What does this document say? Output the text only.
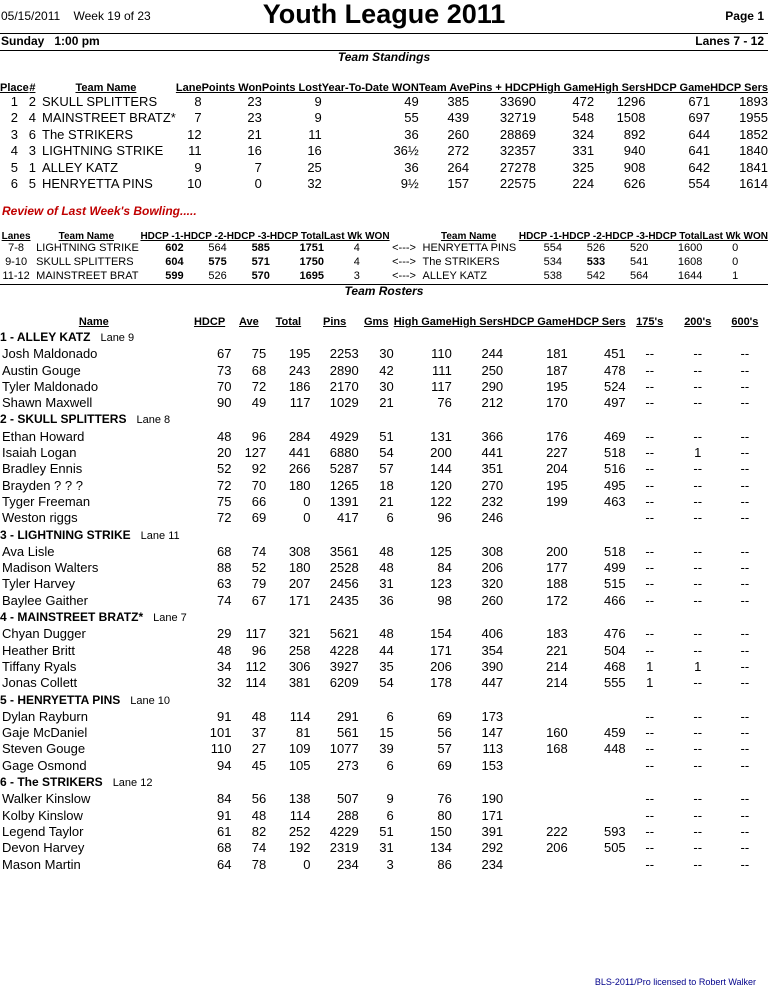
05/15/2011 Week 19 of 23	Youth League 2011	Page 1
Sunday   1:00 pm	Lanes 7 - 12
Team Standings
Place	#	Team Name	Lane	Points Won	Points Lost	Year-To-Date WON	Team Ave	Pins + HDCP	High Game	High Sers	HDCP Game	HDCP Sers
1	2	SKULL SPLITTERS	8	23	9	49	385	33690	472	1296	671	1893
2	4	MAINSTREET BRATZ*	7	23	9	55	439	32719	548	1508	697	1955
3	6	The STRIKERS	12	21	11	36	260	28869	324	892	644	1852
4	3	LIGHTNING STRIKE	11	16	16	36½	272	32357	331	940	641	1840
5	1	ALLEY KATZ	9	7	25	36	264	27278	325	908	642	1841
6	5	HENRYETTA PINS	10	0	32	9½	157	22575	224	626	554	1614
Review of Last Week's Bowling.....
Lanes	Team Name	HDCP -1-	HDCP -2-	HDCP -3-	HDCP Total	Last Wk WON		Team Name	HDCP -1-	HDCP -2-	HDCP -3-	HDCP Total	Last Wk WON
7-8	LIGHTNING STRIKE	602	564	585	1751	4	<--->	HENRYETTA PINS	554	526	520	1600	0
9-10	SKULL SPLITTERS	604	575	571	1750	4	<--->	The STRIKERS	534	533	541	1608	0
11-12	MAINSTREET BRAT	599	526	570	1695	3	<--->	ALLEY KATZ	538	542	564	1644	1
Team Rosters
Name	HDCP	Ave	Total	Pins	Gms	High Game	High Sers	HDCP Game	HDCP Sers	175's	200's	600's
1 - ALLEY KATZ Lane 9												
Josh Maldonado	67	75	195	2253	30	110	244	181	451	--	--	--
Austin Gouge	73	68	243	2890	42	111	250	187	478	--	--	--
Tyler Maldonado	70	72	186	2170	30	117	290	195	524	--	--	--
Shawn Maxwell	90	49	117	1029	21	76	212	170	497	--	--	--
2 - SKULL SPLITTERS Lane 8												
Ethan Howard	48	96	284	4929	51	131	366	176	469	--	--	--
Isaiah Logan	20	127	441	6880	54	200	441	227	518	--	1	--
Bradley Ennis	52	92	266	5287	57	144	351	204	516	--	--	--
Brayden ? ? ?	72	70	180	1265	18	120	270	195	495	--	--	--
Tyger Freeman	75	66	0	1391	21	122	232	199	463	--	--	--
Weston riggs	72	69	0	417	6	96	246			--	--	--
3 - LIGHTNING STRIKE Lane 11												
Ava Lisle	68	74	308	3561	48	125	308	200	518	--	--	--
Madison Walters	88	52	180	2528	48	84	206	177	499	--	--	--
Tyler Harvey	63	79	207	2456	31	123	320	188	515	--	--	--
Baylee Gaither	74	67	171	2435	36	98	260	172	466	--	--	--
4 - MAINSTREET BRATZ* Lane 7												
Chyan Dugger	29	117	321	5621	48	154	406	183	476	--	--	--
Heather Britt	48	96	258	4228	44	171	354	221	504	--	--	--
Tiffany Ryals	34	112	306	3927	35	206	390	214	468	1	1	--
Jonas Collett	32	114	381	6209	54	178	447	214	555	1	--	--
5 - HENRYETTA PINS Lane 10												
Dylan Rayburn	91	48	114	291	6	69	173			--	--	--
Gaje McDaniel	101	37	81	561	15	56	147	160	459	--	--	--
Steven Gouge	110	27	109	1077	39	57	113	168	448	--	--	--
Gage Osmond	94	45	105	273	6	69	153			--	--	--
6 - The STRIKERS Lane 12												
Walker Kinslow	84	56	138	507	9	76	190			--	--	--
Kolby Kinslow	91	48	114	288	6	80	171			--	--	--
Legend Taylor	61	82	252	4229	51	150	391	222	593	--	--	--
Devon Harvey	68	74	192	2319	31	134	292	206	505	--	--	--
Mason Martin	64	78	0	234	3	86	234			--	--	--
BLS-2011/Pro licensed to Robert Walker
